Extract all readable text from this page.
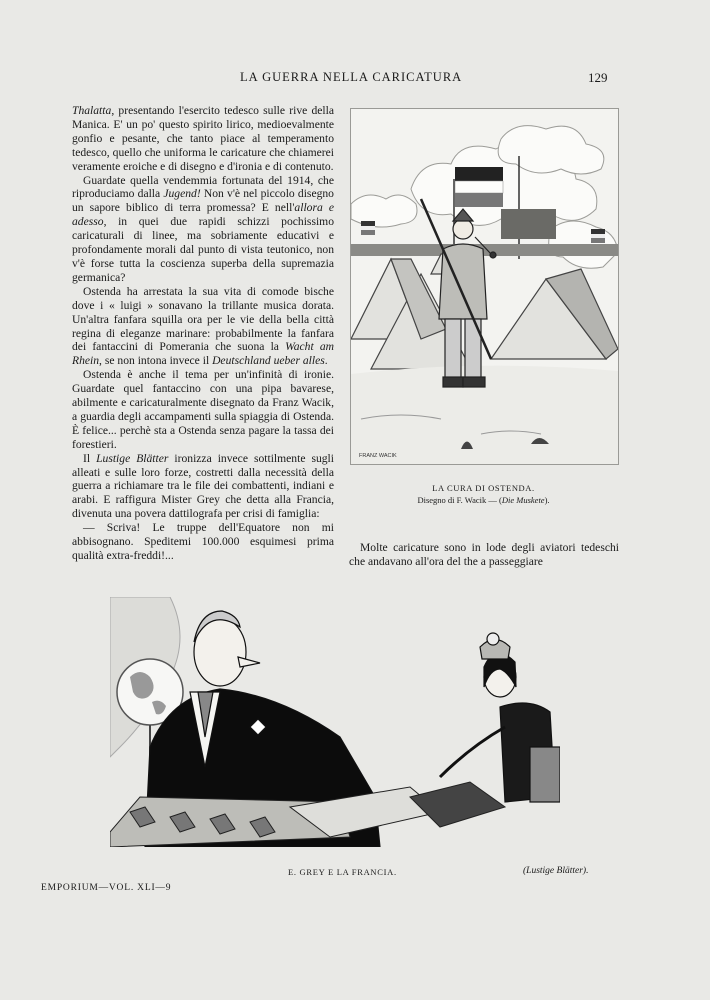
LA GUERRA NELLA CARICATURA	129

Thalatta, presentando l'esercito tedesco sulle rive della Manica. E' un po' questo spirito lirico, medioevalmente gonfio e pesante, che tanto piace al temperamento tedesco, quello che uniforma le caricature che chiamerei veramente eroiche e di disegno e d'ironia e di contenuto.

Guardate quella vendemmia fortunata del 1914, che riproduciamo dalla Jugend! Non v'è nel piccolo disegno un sapore biblico di terra promessa? E nell'allora e adesso, in quei due rapidi schizzi pochissimo caricaturali di linee, ma sobriamente educativi e profondamente morali dal punto di vista teutonico, non v'è forse tutta la coscienza superba della supremazia germanica?

Ostenda ha arrestata la sua vita di comode bische dove i « luigi » sonavano la trillante musica dorata. Un'altra fanfara squilla ora per le vie della bella città regina di eleganze marinare: probabilmente la fanfara dei fantaccini di Pomerania che suona la Wacht am Rhein, se non intona invece il Deutschland ueber alles.

Ostenda è anche il tema per un'infinità di ironie. Guardate quel fantaccino con una pipa bavarese, abilmente e caricaturalmente disegnato da Franz Wacik, a guardia degli accampamenti sulla spiaggia di Ostenda. È felice... perchè sta a Ostenda senza pagare la tassa dei forestieri.

Il Lustige Blätter ironizza invece sottilmente sugli alleati e sulle loro forze, costretti dalla necessità della guerra a richiamare tra le file dei combattenti, indiani e arabi. E raffigura Mister Grey che detta alla Francia, divenuta una povera dattilografa per crisi di famiglia:

— Scriva! Le truppe dell'Equatore non mi abbisognano. Speditemi 100.000 esquimesi prima qualità extra-freddi!...

FRANZ WACIK
LA CURA DI OSTENDA.
Disegno di F. Wacik — (Die Muskete).

Molte caricature sono in lode degli aviatori tedeschi che andavano all'ora del the a passeggiare

E. GREY E LA FRANCIA.	(Lustige Blätter).
EMPORIUM—VOL. XLI—9
